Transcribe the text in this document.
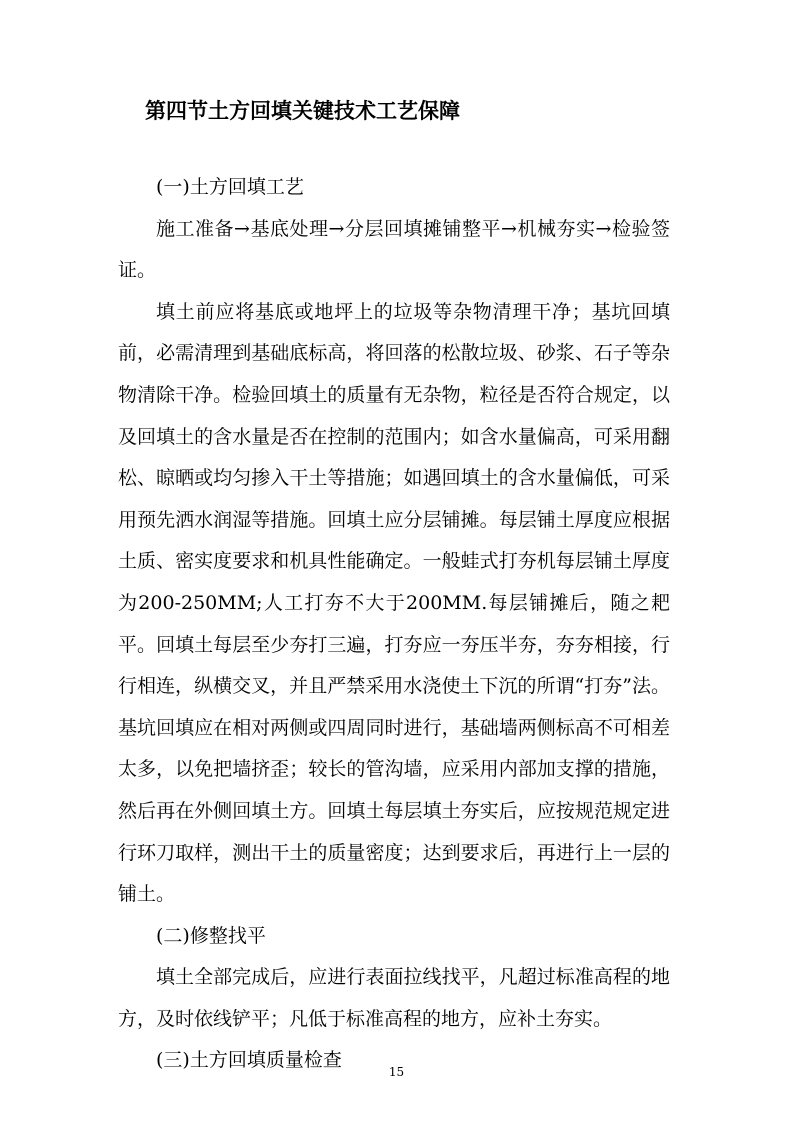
第四节土方回填关键技术工艺保障

(一)土方回填工艺

施工准备→基底处理→分层回填摊铺整平→机械夯实→检验签证。

填土前应将基底或地坪上的垃圾等杂物清理干净；基坑回填前，必需清理到基础底标高，将回落的松散垃圾、砂浆、石子等杂物清除干净。检验回填土的质量有无杂物，粒径是否符合规定，以及回填土的含水量是否在控制的范围内；如含水量偏高，可采用翻松、晾晒或均匀掺入干土等措施；如遇回填土的含水量偏低，可采用预先洒水润湿等措施。回填土应分层铺摊。每层铺土厚度应根据土质、密实度要求和机具性能确定。一般蛙式打夯机每层铺土厚度为200-250MM;人工打夯不大于200MM.每层铺摊后，随之耙平。回填土每层至少夯打三遍，打夯应一夯压半夯，夯夯相接，行行相连，纵横交叉，并且严禁采用水浇使土下沉的所谓“打夯”法。基坑回填应在相对两侧或四周同时进行，基础墙两侧标高不可相差太多，以免把墙挤歪；较长的管沟墙，应采用内部加支撑的措施，然后再在外侧回填土方。回填土每层填土夯实后，应按规范规定进行环刀取样，测出干土的质量密度；达到要求后，再进行上一层的铺土。

(二)修整找平

填土全部完成后，应进行表面拉线找平，凡超过标准高程的地方，及时依线铲平；凡低于标准高程的地方，应补土夯实。

(三)土方回填质量检查

15
